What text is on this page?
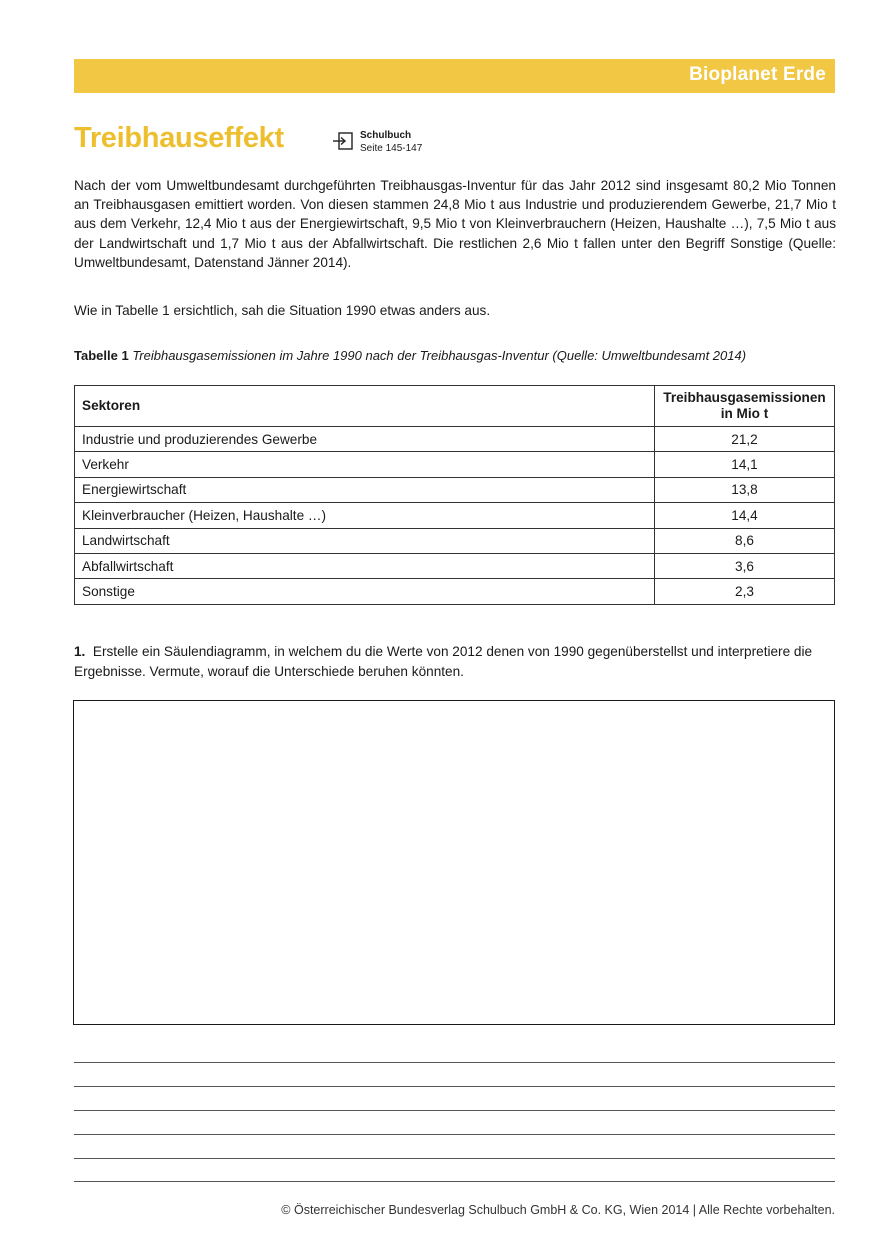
Bioplanet Erde
Treibhauseffekt	Schulbuch
Seite 145-147

Nach der vom Umweltbundesamt durchgeführten Treibhausgas-Inventur für das Jahr 2012 sind insgesamt 80,2 Mio Tonnen an Treibhausgasen emittiert worden. Von diesen stammen 24,8 Mio t aus Industrie und produzierendem Gewerbe, 21,7 Mio t aus dem Verkehr, 12,4 Mio t aus der Energiewirtschaft, 9,5 Mio t von Kleinverbrauchern (Heizen, Haushalte …), 7,5 Mio t aus der Landwirtschaft und 1,7 Mio t aus der Abfallwirtschaft. Die restlichen 2,6 Mio t fallen unter den Begriff Sonstige (Quelle: Umweltbundesamt, Datenstand Jänner 2014).

Wie in Tabelle 1 ersichtlich, sah die Situation 1990 etwas anders aus.

Tabelle 1 Treibhausgasemissionen im Jahre 1990 nach der Treibhausgas-Inventur (Quelle: Umweltbundesamt 2014)
Sektoren	Treibhausgasemissionen
in Mio t
Industrie und produzierendes Gewerbe	21,2
Verkehr	14,1
Energiewirtschaft	13,8
Kleinverbraucher (Heizen, Haushalte …)	14,4
Landwirtschaft	8,6
Abfallwirtschaft	3,6
Sonstige	2,3

1. Erstelle ein Säulendiagramm, in welchem du die Werte von 2012 denen von 1990 gegenüberstellst und interpretiere die Ergebnisse. Vermute, worauf die Unterschiede beruhen könnten.

© Österreichischer Bundesverlag Schulbuch GmbH & Co. KG, Wien 2014 | Alle Rechte vorbehalten.
